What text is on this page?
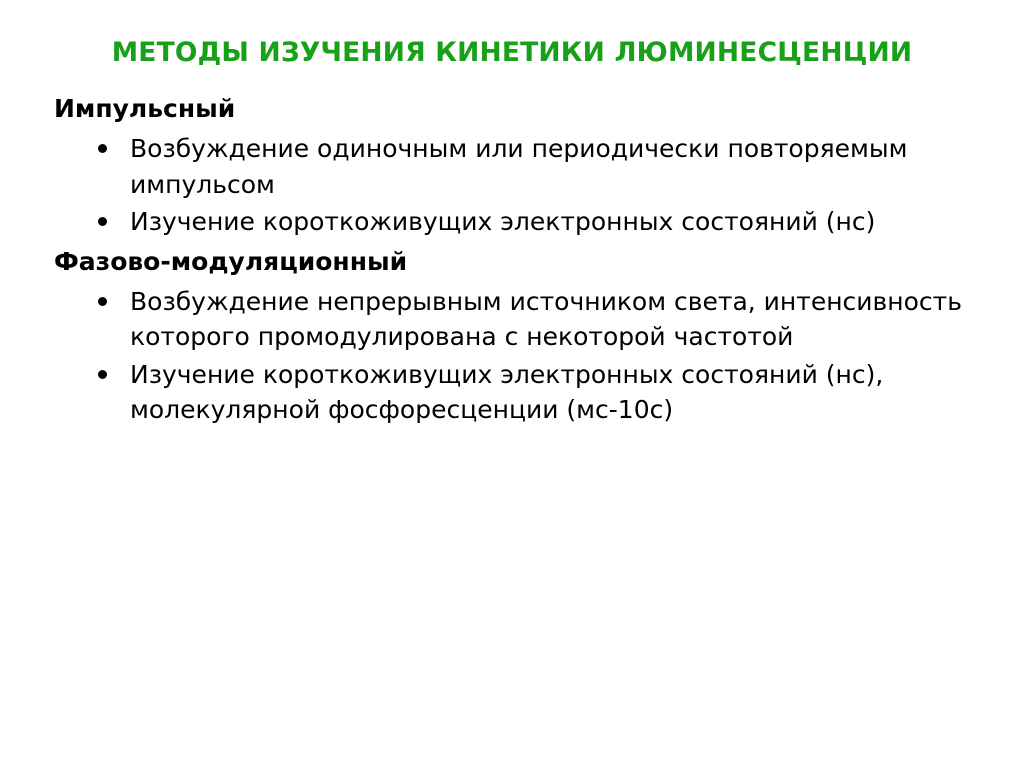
МЕТОДЫ ИЗУЧЕНИЯ КИНЕТИКИ ЛЮМИНЕСЦЕНЦИИ
Импульсный
Возбуждение одиночным или периодически повторяемым импульсом
Изучение короткоживущих электронных состояний (нс)
Фазово-модуляционный
Возбуждение непрерывным источником света, интенсивность которого промодулирована с некоторой частотой
Изучение короткоживущих электронных состояний (нс), молекулярной фосфоресценции (мс-10с)
